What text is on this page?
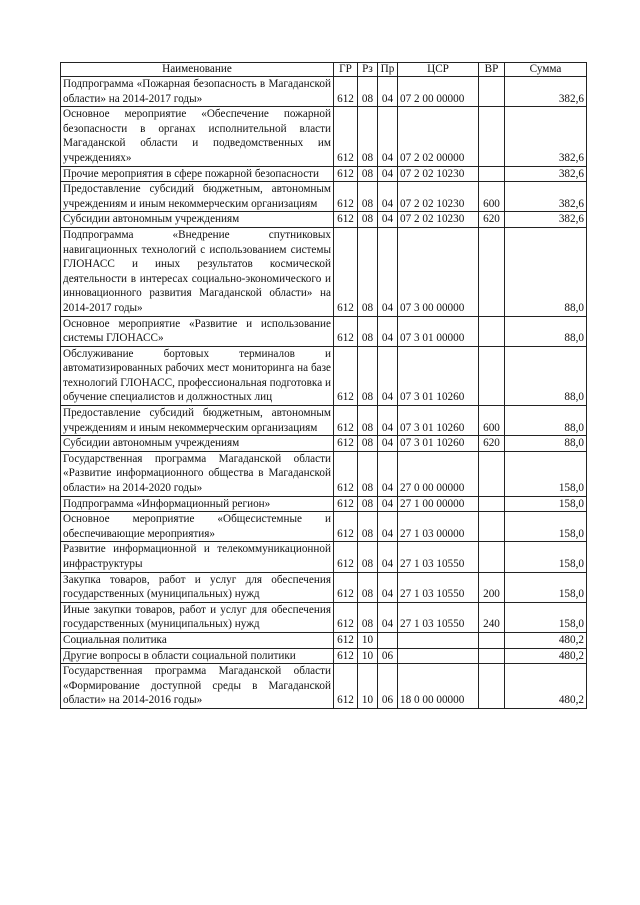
Наименование	ГР	Рз	Пр	ЦСР	ВР	Сумма
Подпрограмма «Пожарная безопасность в Магаданской области» на 2014-2017 годы»	612	08	04	07 2 00 00000		382,6
Основное мероприятие «Обеспечение пожарной безопасности в органах исполнительной власти Магаданской области и подведомственных им учреждениях»	612	08	04	07 2 02 00000		382,6
Прочие мероприятия в сфере пожарной безопасности	612	08	04	07 2 02 10230		382,6
Предоставление субсидий бюджетным, автономным учреждениям и иным некоммерческим организациям	612	08	04	07 2 02 10230	600	382,6
Субсидии автономным учреждениям	612	08	04	07 2 02 10230	620	382,6
Подпрограмма «Внедрение спутниковых навигационных технологий с использованием системы ГЛОНАСС и иных результатов космической деятельности в интересах социально-экономического и инновационного развития Магаданской области» на 2014-2017 годы»	612	08	04	07 3 00 00000		88,0
Основное мероприятие «Развитие и использование системы ГЛОНАСС»	612	08	04	07 3 01 00000		88,0
Обслуживание бортовых терминалов и автоматизированных рабочих мест мониторинга на базе технологий ГЛОНАСС, профессиональная подготовка и обучение специалистов и должностных лиц	612	08	04	07 3 01 10260		88,0
Предоставление субсидий бюджетным, автономным учреждениям и иным некоммерческим организациям	612	08	04	07 3 01 10260	600	88,0
Субсидии автономным учреждениям	612	08	04	07 3 01 10260	620	88,0
Государственная программа Магаданской области «Развитие информационного общества в Магаданской области» на 2014-2020 годы»	612	08	04	27 0 00 00000		158,0
Подпрограмма «Информационный регион»	612	08	04	27 1 00 00000		158,0
Основное мероприятие «Общесистемные и обеспечивающие мероприятия»	612	08	04	27 1 03 00000		158,0
Развитие информационной и телекоммуникационной инфраструктуры	612	08	04	27 1 03 10550		158,0
Закупка товаров, работ и услуг для обеспечения государственных (муниципальных) нужд	612	08	04	27 1 03 10550	200	158,0
Иные закупки товаров, работ и услуг для обеспечения государственных (муниципальных) нужд	612	08	04	27 1 03 10550	240	158,0
Социальная политика	612	10				480,2
Другие вопросы в области социальной политики	612	10	06			480,2
Государственная программа Магаданской области «Формирование доступной среды в Магаданской области» на 2014-2016 годы»	612	10	06	18 0 00 00000		480,2
